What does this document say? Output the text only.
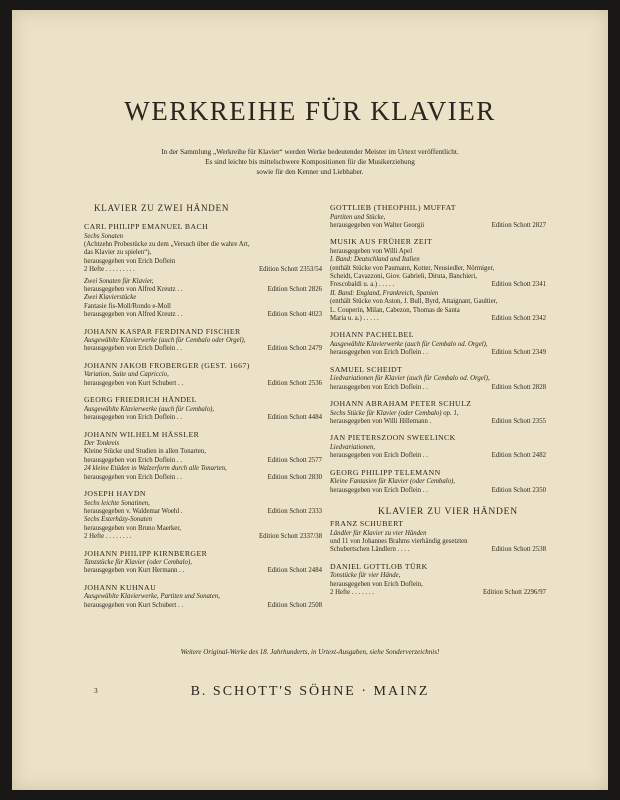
WERKREIHE FÜR KLAVIER
In der Sammlung „Werkreihe für Klavier“ werden Werke bedeutender Meister im Urtext veröffentlicht.
Es sind leichte bis mittelschwere Kompositionen für die Musikerziehung
sowie für den Kenner und Liebhaber.
KLAVIER ZU ZWEI HÄNDEN
CARL PHILIPP EMANUEL BACH
Sechs Sonaten
(Achtzehn Probestücke zu dem „Versuch über die wahre Art,
das Klavier zu spielen“),
herausgegeben von Erich Doflein
2 Hefte . . . . . . . . .	Edition Schott 2353/54
Zwei Sonaten für Klavier,
herausgegeben von Alfred Kreutz . .	Edition Schott 2826
Zwei Klavierstücke
Fantasie fis-Moll/Rondo e-Moll
herausgegeben von Alfred Kreutz . .	Edition Schott 4023
JOHANN KASPAR FERDINAND FISCHER
Ausgewählte Klavierwerke (auch für Cembalo oder Orgel),
herausgegeben von Erich Doflein . .	Edition Schott 2479
JOHANN JAKOB FROBERGER (GEST. 1667)
Variation, Suite und Capriccio,
herausgegeben von Kurt Schubert . .	Edition Schott 2536
GEORG FRIEDRICH HÄNDEL
Ausgewählte Klavierwerke (auch für Cembalo),
herausgegeben von Erich Doflein . .	Edition Schott 4484
JOHANN WILHELM HÄSSLER
Der Tonkreis
Kleine Stücke und Studien in allen Tonarten,
herausgegeben von Erich Doflein . .	Edition Schott 2577
24 kleine Etüden in Walzerform durch alle Tonarten,
herausgegeben von Erich Doflein . .	Edition Schott 2830
JOSEPH HAYDN
Sechs leichte Sonatinen,
herausgegeben v. Waldemar Woehl .	Edition Schott 2333
Sechs Esterházy-Sonaten
herausgegeben von Bruno Maerker,
2 Hefte . . . . . . . .	Edition Schott 2337/38
JOHANN PHILIPP KIRNBERGER
Tanzstücke für Klavier (oder Cembalo),
herausgegeben von Kurt Hermann . .	Edition Schott 2484
JOHANN KUHNAU
Ausgewählte Klavierwerke, Partiten und Sonaten,
herausgegeben von Kurt Schubert . .	Edition Schott 2508
GOTTLIEB (THEOPHIL) MUFFAT
Partiten und Stücke,
herausgegeben von Walter Georgii	Edition Schott 2827
MUSIK AUS FRÜHER ZEIT
herausgegeben von Willi Apel
I. Band: Deutschland und Italien
(enthält Stücke von Paumann, Kotter, Neusiedler, Nörmiger,
Scheidt, Cavazzoni, Giov. Gabrieli, Diruta, Banchieri,
Frescobaldi u. a.) . . . . .	Edition Schott 2341
II. Band: England, Frankreich, Spanien
(enthält Stücke von Aston, J. Bull, Byrd, Attaignant, Gaultier,
L. Couperin, Milan, Cabezon, Thomas de Santa
Maria u. a.) . . . . .	Edition Schott 2342
JOHANN PACHELBEL
Ausgewählte Klavierwerke (auch für Cembalo od. Orgel),
herausgegeben von Erich Doflein . .	Edition Schott 2349
SAMUEL SCHEIDT
Liedvariationen für Klavier (auch für Cembalo od. Orgel),
herausgegeben von Erich Doflein . .	Edition Schott 2828
JOHANN ABRAHAM PETER SCHULZ
Sechs Stücke für Klavier (oder Cembalo) op. 1,
herausgegeben von Willi Hillemann .	Edition Schott 2355
JAN PIETERSZOON SWEELINCK
Liedvariationen,
herausgegeben von Erich Doflein . .	Edition Schott 2482
GEORG PHILIPP TELEMANN
Kleine Fantasien für Klavier (oder Cembalo),
herausgegeben von Erich Doflein . .	Edition Schott 2350
KLAVIER ZU VIER HÄNDEN
FRANZ SCHUBERT
Ländler für Klavier zu vier Händen
und 11 von Johannes Brahms vierhändig gesetzten
Schubertschen Ländlern . . . .	Edition Schott 2538
DANIEL GOTTLOB TÜRK
Tonstücke für vier Hände,
herausgegeben von Erich Doflein,
2 Hefte . . . . . . .	Edition Schott 2296/97
Weitere Original-Werke des 18. Jahrhunderts, in Urtext-Ausgaben, siehe Sonderverzeichnis!
3	B. SCHOTT'S SÖHNE · MAINZ
